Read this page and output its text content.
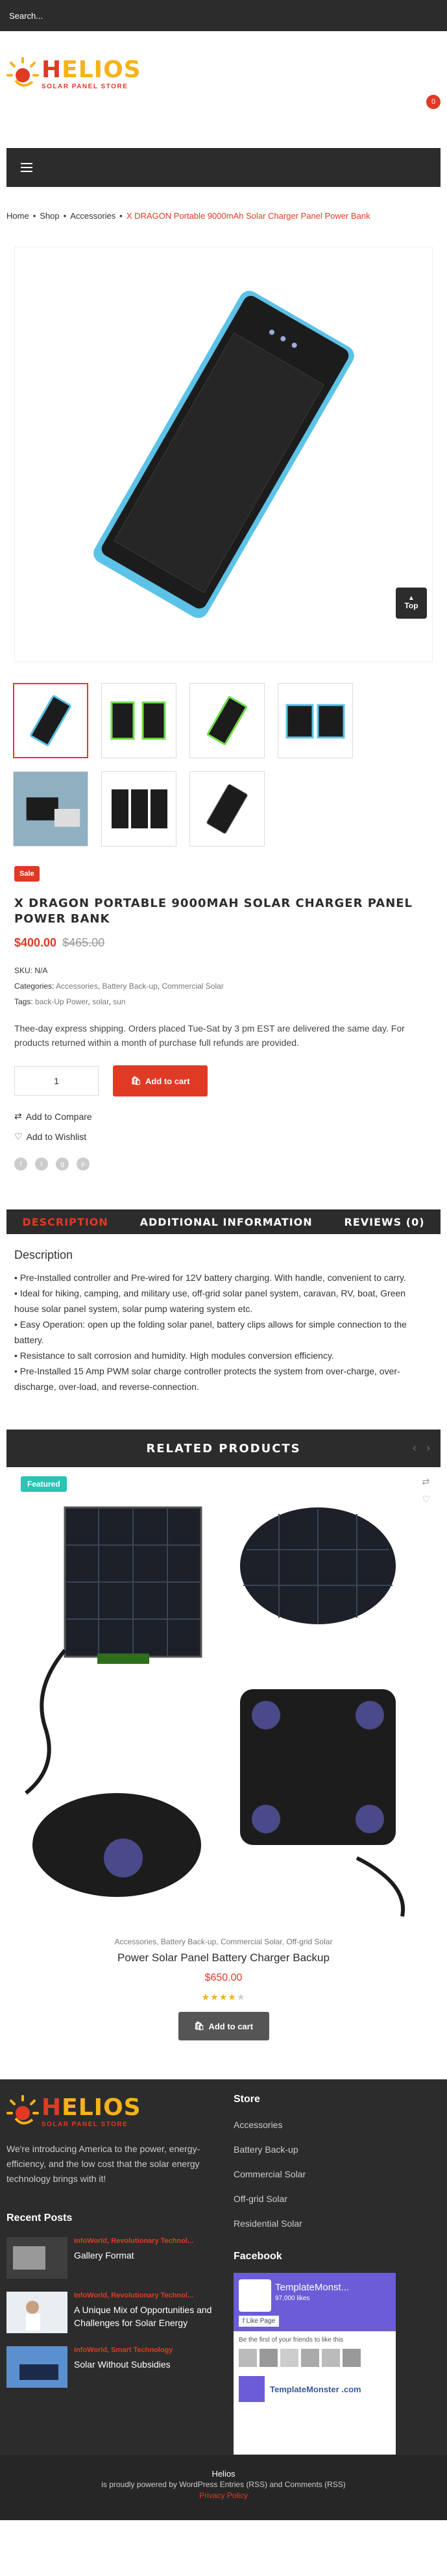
Search...
HELIOS
SOLAR PANEL STORE
0
Home • Shop • Accessories • X DRAGON Portable 9000mAh Solar Charger Panel Power Bank
▲
Top
Sale
X DRAGON PORTABLE 9000MAH SOLAR CHARGER PANEL POWER BANK
$400.00 $465.00
SKU: N/A
Categories: Accessories, Battery Back-up, Commercial Solar
Tags: back-Up Power, solar, sun

Thee-day express shipping. Orders placed Tue-Sat by 3 pm EST are delivered the same day. For products returned within a month of purchase full refunds are provided.

1	🛍 Add to cart
⇄ Add to Compare
♡ Add to Wishlist
f	t	g	p
DESCRIPTION	ADDITIONAL INFORMATION	REVIEWS (0)
Description

• Pre-Installed controller and Pre-wired for 12V battery charging. With handle, convenient to carry.

• Ideal for hiking, camping, and military use, off-grid solar panel system, caravan, RV, boat, Green house solar panel system, solar pump watering system etc.

• Easy Operation: open up the folding solar panel, battery clips allows for simple connection to the battery.

• Resistance to salt corrosion and humidity. High modules conversion efficiency.

• Pre-Installed 15 Amp PWM solar charge controller protects the system from over-charge, over-discharge, over-load, and reverse-connection.

RELATED PRODUCTS	‹ ›
Featured	⇄
♡
Accessories, Battery Back-up, Commercial Solar, Off-grid Solar
Power Solar Panel Battery Charger Backup
$650.00
★★★★★
🛍 Add to cart
HELIOS
SOLAR PANEL STORE

We're introducing America to the power, energy-efficiency, and the low cost that the solar energy technology brings with it!

Recent Posts
InfoWorld, Revolutionary Technol...
Gallery Format
InfoWorld, Revolutionary Technol...
A Unique Mix of Opportunities and Challenges for Solar Energy
InfoWorld, Smart Technology
Solar Without Subsidies
Store
Accessories
Battery Back-up
Commercial Solar
Off-grid Solar
Residential Solar
Facebook
TemplateMonst...
97,000 likes
f Like Page
Be the first of your friends to like this
TemplateMonster .com
Helios
is proudly powered by WordPress Entries (RSS) and Comments (RSS)
Privacy Policy
